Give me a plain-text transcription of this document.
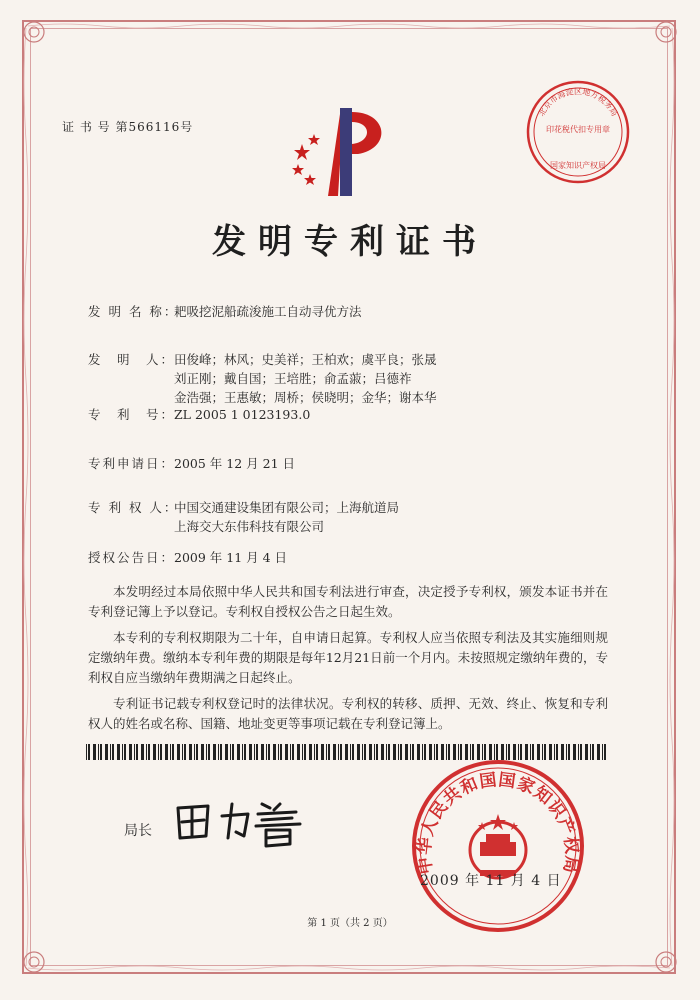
证 书 号 第566116号
北京市海淀区地方税务局
印花税代扣专用章
国家知识产权局
发明专利证书
发 明 名 称：耙吸挖泥船疏浚施工自动寻优方法
发　明　人：
田俊峰；林风；史美祥；王柏欢；虞平良；张晟
刘正刚；戴自国；王培胜；俞孟蔋；吕德祚
金浩强；王惠敏；周桥；侯晓明；金华；谢本华
专　利　号：ZL 2005 1 0123193.0
专利申请日：2005 年 12 月 21 日
专 利 权 人：
中国交通建设集团有限公司；上海航道局
上海交大东伟科技有限公司
授权公告日：2009 年 11 月 4 日

本发明经过本局依照中华人民共和国专利法进行审查，决定授予专利权，颁发本证书并在专利登记簿上予以登记。专利权自授权公告之日起生效。

本专利的专利权期限为二十年，自申请日起算。专利权人应当依照专利法及其实施细则规定缴纳年费。缴纳本专利年费的期限是每年12月21日前一个月内。未按照规定缴纳年费的，专利权自应当缴纳年费期满之日起终止。

专利证书记载专利权登记时的法律状况。专利权的转移、质押、无效、终止、恢复和专利权人的姓名或名称、国籍、地址变更等事项记载在专利登记簿上。

局长
中华人民共和国国家知识产权局
2009 年 11 月 4 日
第 1 页（共 2 页）
